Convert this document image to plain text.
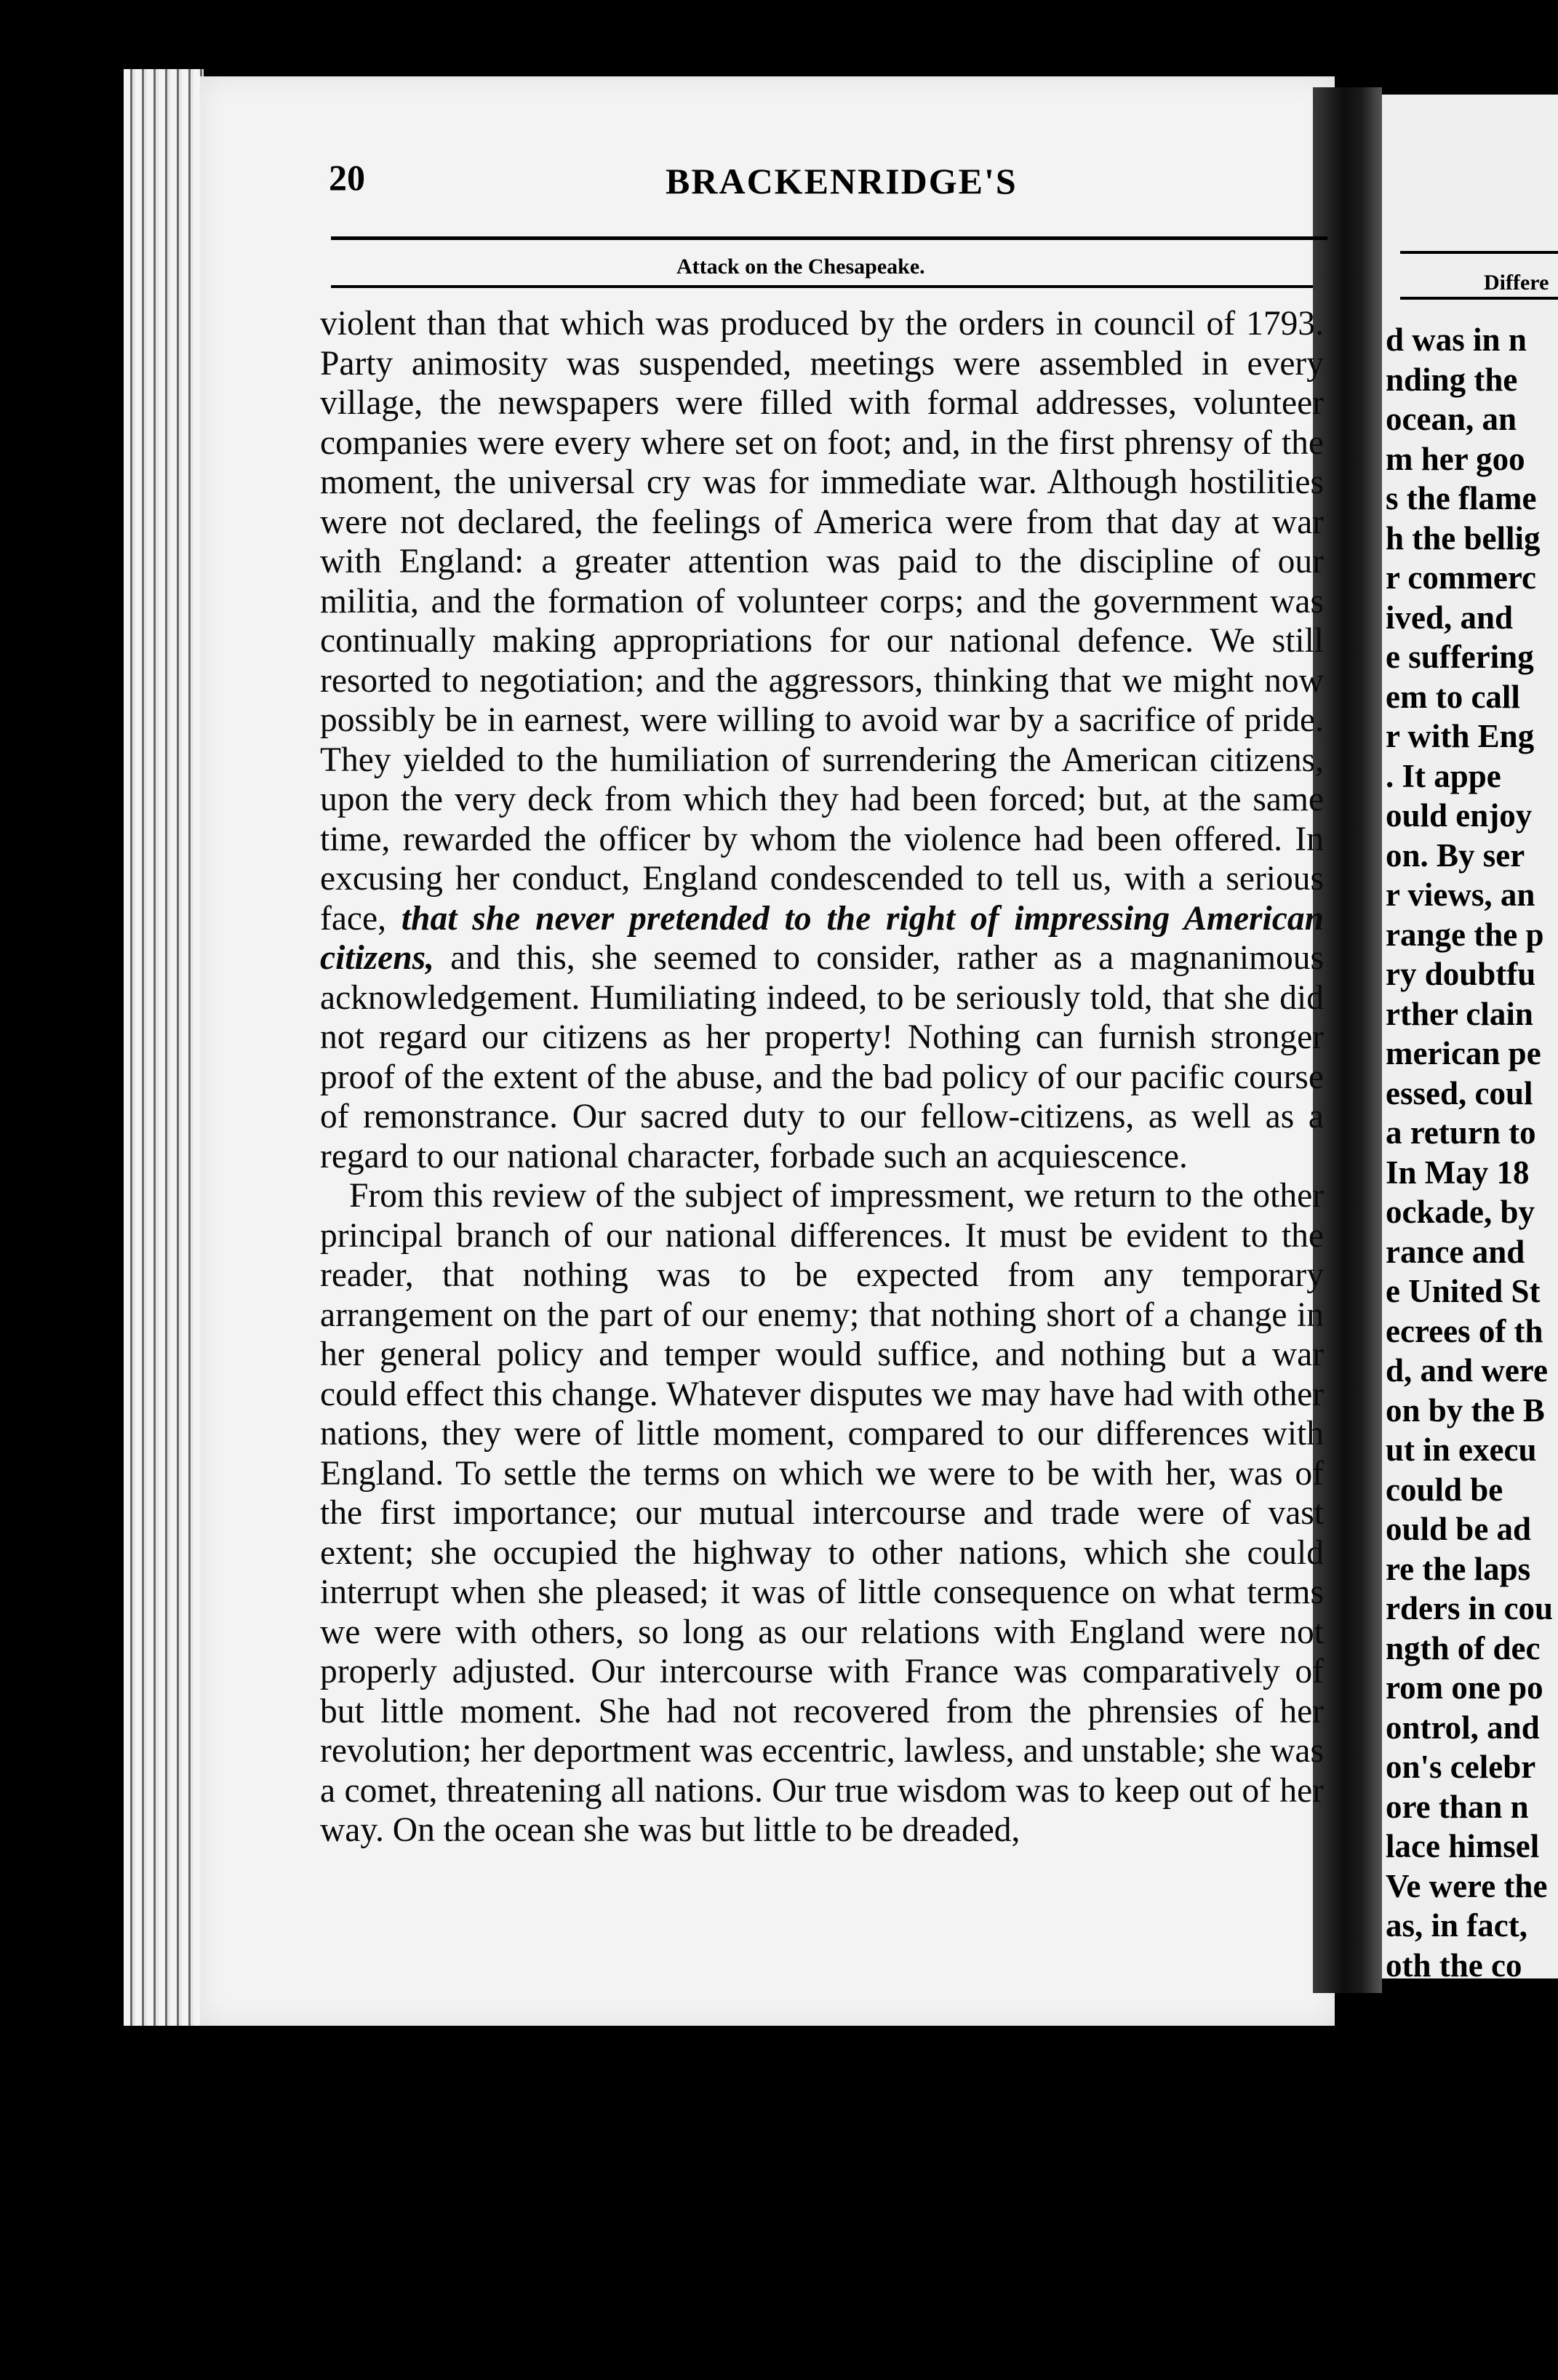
20	BRACKENRIDGE'S
Attack on the Chesapeake.

violent than that which was produced by the orders in council of 1793. Party animosity was suspended, meetings were assembled in every village, the newspapers were filled with formal addresses, volunteer companies were every where set on foot; and, in the first phrensy of the moment, the universal cry was for immediate war. Although hostilities were not declared, the feelings of America were from that day at war with England: a greater attention was paid to the discipline of our militia, and the formation of volunteer corps; and the government was continually making appropriations for our national defence. We still resorted to negotiation; and the aggressors, thinking that we might now possibly be in earnest, were willing to avoid war by a sacrifice of pride. They yielded to the humiliation of surrendering the American citizens, upon the very deck from which they had been forced; but, at the same time, rewarded the officer by whom the violence had been offered. In excusing her conduct, England condescended to tell us, with a serious face, that she never pretended to the right of impressing American citizens, and this, she seemed to consider, rather as a magnanimous acknowledgement. Humiliating indeed, to be seriously told, that she did not regard our citizens as her property! Nothing can furnish stronger proof of the extent of the abuse, and the bad policy of our pacific course of remonstrance. Our sacred duty to our fellow-citizens, as well as a regard to our national character, forbade such an acquiescence.

From this review of the subject of impressment, we return to the other principal branch of our national differences. It must be evident to the reader, that nothing was to be expected from any temporary arrangement on the part of our enemy; that nothing short of a change in her general policy and temper would suffice, and nothing but a war could effect this change. Whatever disputes we may have had with other nations, they were of little moment, compared to our differences with England. To settle the terms on which we were to be with her, was of the first importance; our mutual intercourse and trade were of vast extent; she occupied the highway to other nations, which she could interrupt when she pleased; it was of little consequence on what terms we were with others, so long as our relations with England were not properly adjusted. Our intercourse with France was comparatively of but little moment. She had not recovered from the phrensies of her revolution; her deportment was eccentric, lawless, and unstable; she was a comet, threatening all nations. Our true wisdom was to keep out of her way. On the ocean she was but little to be dreaded,

Differe
d was in n
nding the
ocean, an
m her goo
s the flame
h the bellig
r commerc
ived, and
e suffering
em to call
r with Eng
. It appe
ould enjoy
on. By ser
r views, an
range the p
ry doubtfu
rther clain
merican pe
essed, coul
a return to
In May 18
ockade, by
rance and
e United St
ecrees of th
d, and were
on by the B
ut in execu
could be
ould be ad
re the laps
rders in cou
ngth of dec
rom one po
ontrol, and
on's celebr
ore than n
lace himsel
Ve were the
as, in fact,
oth the co
ted, inasmu
ered it imp
ion. The l
